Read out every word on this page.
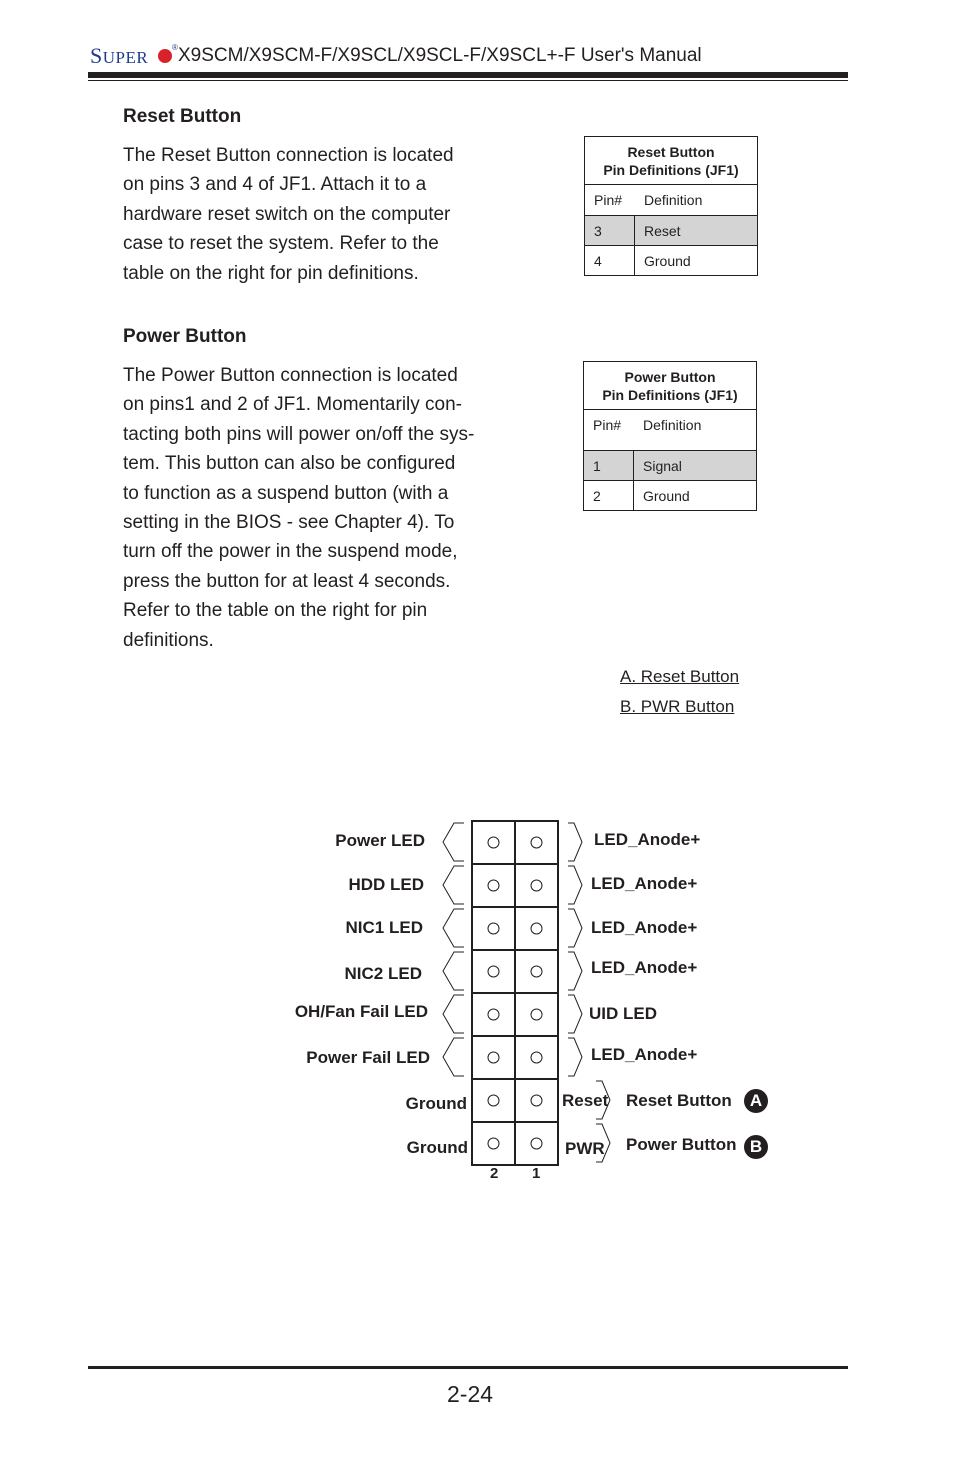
SUPER
® X9SCM/X9SCM-F/X9SCL/X9SCL-F/X9SCL+-F User's Manual
Reset Button
The Reset Button connection is located
on pins 3 and 4 of JF1. Attach it to a
hardware reset switch on the computer
case to reset the system. Refer to the
table on the right for pin definitions.
Reset Button
Pin Definitions (JF1)
Pin#	Definition
3	Reset
4	Ground
Power Button
The Power Button connection is located
on pins1 and 2 of JF1. Momentarily con-
tacting both pins will power on/off the sys-
tem. This button can also be configured
to function as a suspend button (with a
setting in the BIOS - see Chapter 4). To
turn off the power in the suspend mode,
press the button for at least 4 seconds.
Refer to the table on the right for pin
definitions.
Power Button
Pin Definitions (JF1)
Pin#	Definition
1	Signal
2	Ground
A. Reset Button
B. PWR Button
Power LED
HDD LED
NIC1 LED
NIC2 LED
OH/Fan Fail LED
Power Fail LED
Ground
Ground
LED_Anode+
LED_Anode+
LED_Anode+
LED_Anode+
UID LED
LED_Anode+
Reset
PWR
Reset Button
Power Button
A
B
2 1
2-24
